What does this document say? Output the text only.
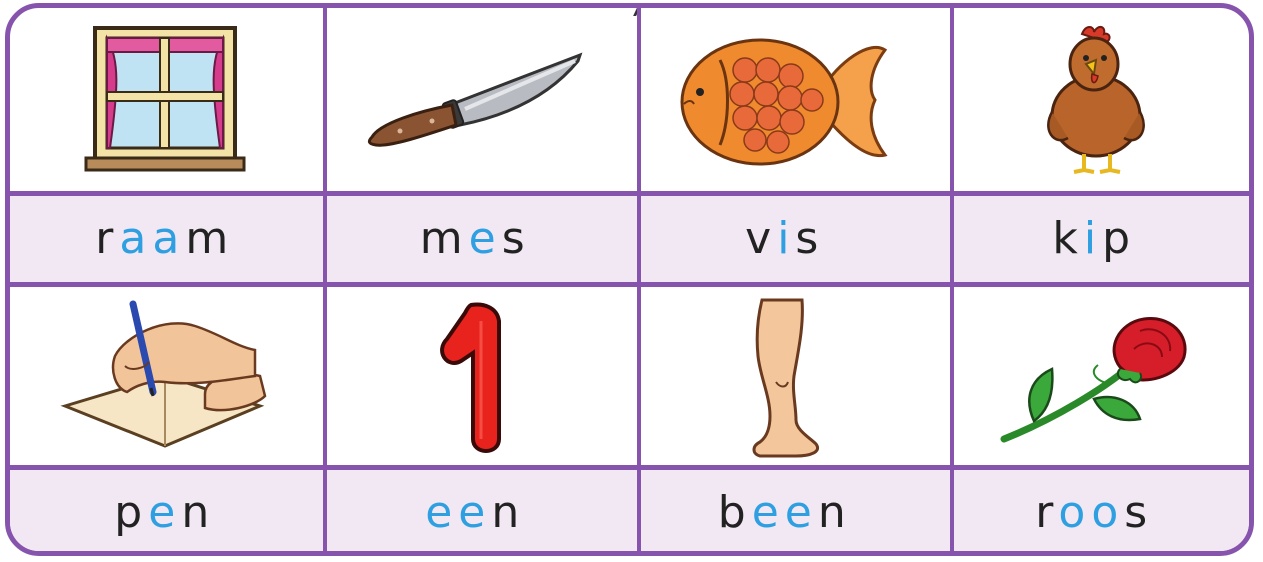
raam	mes	vis	kip
pen	een	been	roos
